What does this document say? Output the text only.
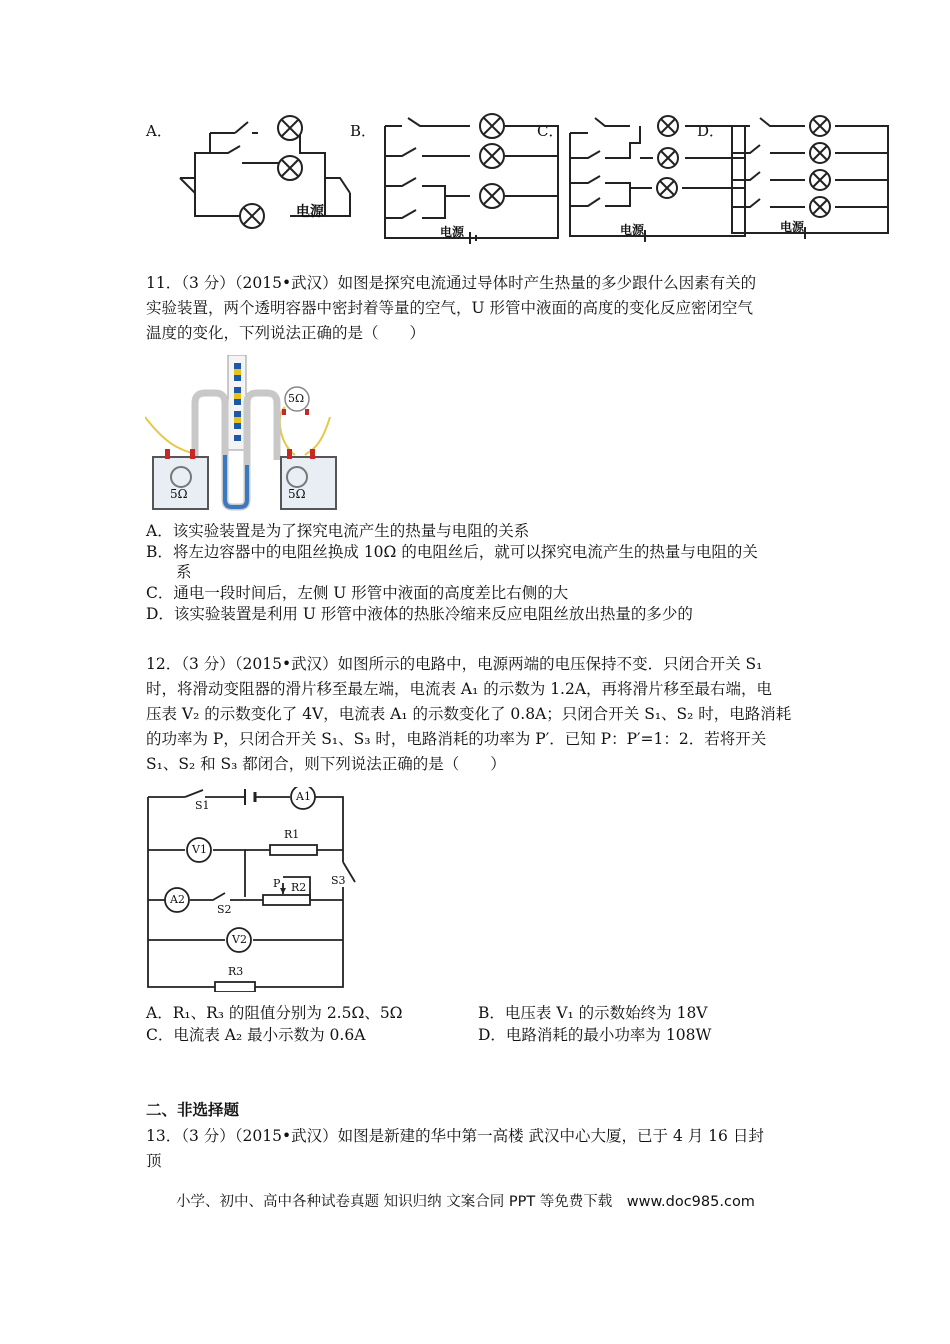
A．	B．	C．	D．
电源
电源	电源	电源
11．（3 分）（2015•武汉）如图是探究电流通过导体时产生热量的多少跟什么因素有关的
实验装置，两个透明容器中密封着等量的空气，U 形管中液面的高度的变化反应密闭空气
温度的变化，下列说法正确的是（　　）
5Ω	5Ω
5Ω
A．该实验装置是为了探究电流产生的热量与电阻的关系
B．将左边容器中的电阻丝换成 10Ω 的电阻丝后，就可以探究电流产生的热量与电阻的关
系
C．通电一段时间后，左侧 U 形管中液面的高度差比右侧的大
D．该实验装置是利用 U 形管中液体的热胀冷缩来反应电阻丝放出热量的多少的
12．（3 分）（2015•武汉）如图所示的电路中，电源两端的电压保持不变．只闭合开关 S₁
时，将滑动变阻器的滑片移至最左端，电流表 A₁ 的示数为 1.2A，再将滑片移至最右端，电
压表 V₂ 的示数变化了 4V，电流表 A₁ 的示数变化了 0.8A；只闭合开关 S₁、S₂ 时，电路消耗
的功率为 P，只闭合开关 S₁、S₃ 时，电路消耗的功率为 P′．已知 P：P′=1：2．若将开关
S₁、S₂ 和 S₃ 都闭合，则下列说法正确的是（　　）
S1
A1
V1
R1
S3
A2
S2
P R2
V2
R3
A．R₁、R₃ 的阻值分别为 2.5Ω、5Ω	B．电压表 V₁ 的示数始终为 18V
C．电流表 A₂ 最小示数为 0.6A	D．电路消耗的最小功率为 108W
二、非选择题
13．（3 分）（2015•武汉）如图是新建的华中第一高楼 武汉中心大厦，已于 4 月 16 日封
顶
小学、初中、高中各种试卷真题 知识归纳 文案合同 PPT 等免费下载　www.doc985.com
